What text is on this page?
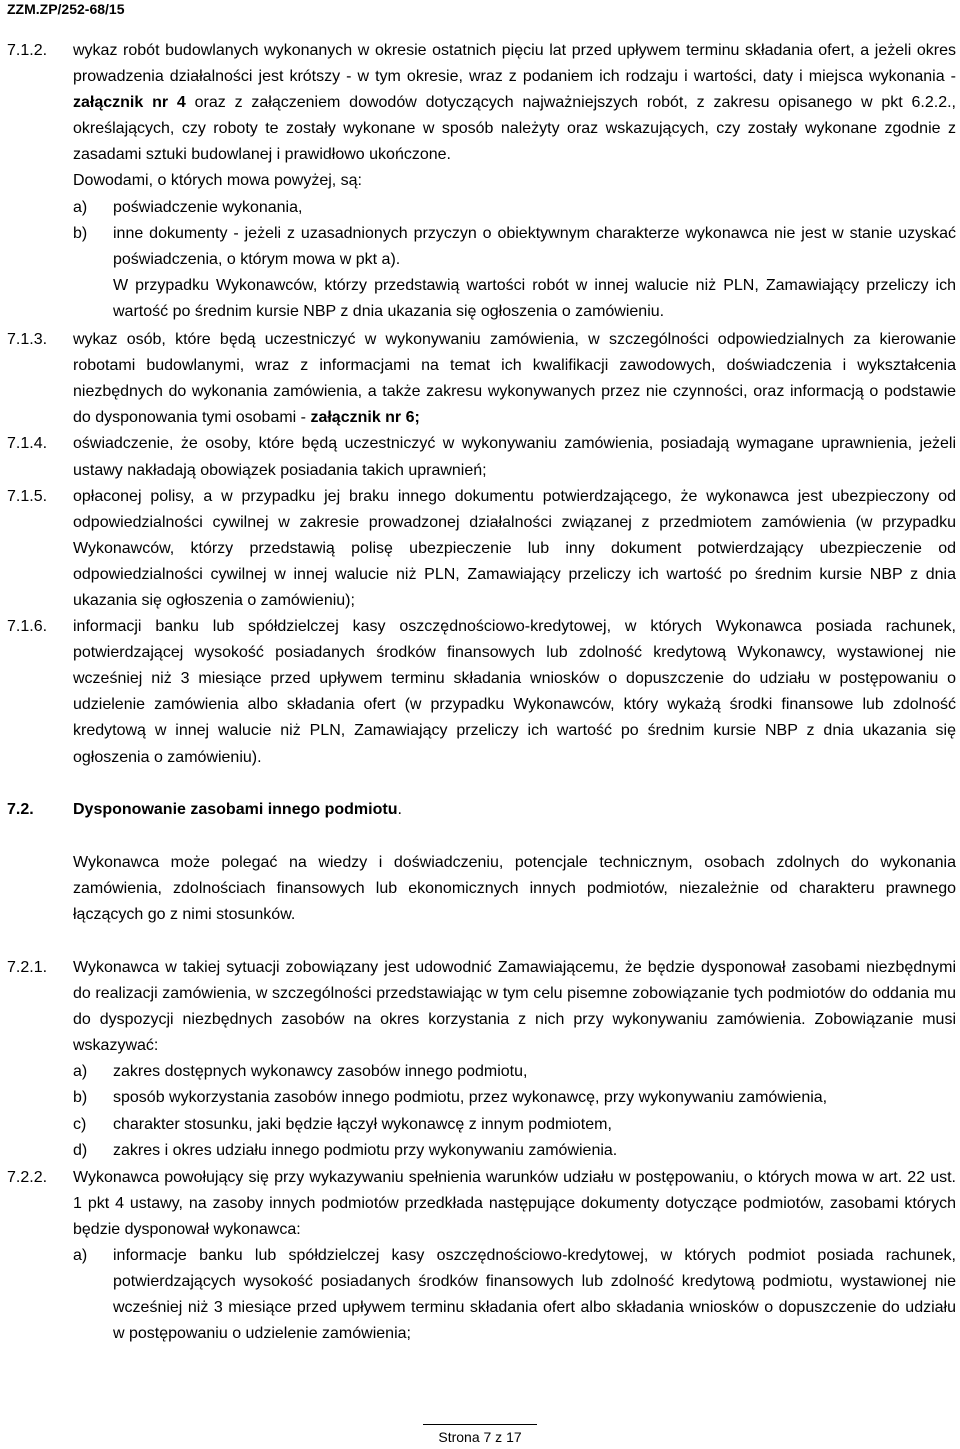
ZZM.ZP/252-68/15
7.1.2. wykaz robót budowlanych wykonanych w okresie ostatnich pięciu lat przed upływem terminu składania ofert, a jeżeli okres prowadzenia działalności jest krótszy - w tym okresie, wraz z podaniem ich rodzaju i wartości, daty i miejsca wykonania - załącznik nr 4 oraz z załączeniem dowodów dotyczących najważniejszych robót, z zakresu opisanego w pkt 6.2.2., określających, czy roboty te zostały wykonane w sposób należyty oraz wskazujących, czy zostały wykonane zgodnie z zasadami sztuki budowlanej i prawidłowo ukończone.
Dowodami, o których mowa powyżej, są:
a) poświadczenie wykonania,
b) inne dokumenty - jeżeli z uzasadnionych przyczyn o obiektywnym charakterze wykonawca nie jest w stanie uzyskać poświadczenia, o którym mowa w pkt a).
W przypadku Wykonawców, którzy przedstawią wartości robót w innej walucie niż PLN, Zamawiający przeliczy ich wartość po średnim kursie NBP z dnia ukazania się ogłoszenia o zamówieniu.
7.1.3. wykaz osób, które będą uczestniczyć w wykonywaniu zamówienia, w szczególności odpowiedzialnych za kierowanie robotami budowlanymi, wraz z informacjami na temat ich kwalifikacji zawodowych, doświadczenia i wykształcenia niezbędnych do wykonania zamówienia, a także zakresu wykonywanych przez nie czynności, oraz informacją o podstawie do dysponowania tymi osobami - załącznik nr 6;
7.1.4. oświadczenie, że osoby, które będą uczestniczyć w wykonywaniu zamówienia, posiadają wymagane uprawnienia, jeżeli ustawy nakładają obowiązek posiadania takich uprawnień;
7.1.5. opłaconej polisy, a w przypadku jej braku innego dokumentu potwierdzającego, że wykonawca jest ubezpieczony od odpowiedzialności cywilnej w zakresie prowadzonej działalności związanej z przedmiotem zamówienia (w przypadku Wykonawców, którzy przedstawią polisę ubezpieczenie lub inny dokument potwierdzający ubezpieczenie od odpowiedzialności cywilnej w innej walucie niż PLN, Zamawiający przeliczy ich wartość po średnim kursie NBP z dnia ukazania się ogłoszenia o zamówieniu);
7.1.6. informacji banku lub spółdzielczej kasy oszczędnościowo-kredytowej, w których Wykonawca posiada rachunek, potwierdzającej wysokość posiadanych środków finansowych lub zdolność kredytową Wykonawcy, wystawionej nie wcześniej niż 3 miesiące przed upływem terminu składania wniosków o dopuszczenie do udziału w postępowaniu o udzielenie zamówienia albo składania ofert (w przypadku Wykonawców, który wykażą środki finansowe lub zdolność kredytową w innej walucie niż PLN, Zamawiający przeliczy ich wartość po średnim kursie NBP z dnia ukazania się ogłoszenia o zamówieniu).
7.2. Dysponowanie zasobami innego podmiotu.
Wykonawca może polegać na wiedzy i doświadczeniu, potencjale technicznym, osobach zdolnych do wykonania zamówienia, zdolnościach finansowych lub ekonomicznych innych podmiotów, niezależnie od charakteru prawnego łączących go z nimi stosunków.
7.2.1. Wykonawca w takiej sytuacji zobowiązany jest udowodnić Zamawiającemu, że będzie dysponował zasobami niezbędnymi do realizacji zamówienia, w szczególności przedstawiając w tym celu pisemne zobowiązanie tych podmiotów do oddania mu do dyspozycji niezbędnych zasobów na okres korzystania z nich przy wykonywaniu zamówienia. Zobowiązanie musi wskazywać:
a) zakres dostępnych wykonawcy zasobów innego podmiotu,
b) sposób wykorzystania zasobów innego podmiotu, przez wykonawcę, przy wykonywaniu zamówienia,
c) charakter stosunku, jaki będzie łączył wykonawcę z innym podmiotem,
d) zakres i okres udziału innego podmiotu przy wykonywaniu zamówienia.
7.2.2. Wykonawca powołujący się przy wykazywaniu spełnienia warunków udziału w postępowaniu, o których mowa w art. 22 ust. 1 pkt 4 ustawy, na zasoby innych podmiotów przedkłada następujące dokumenty dotyczące podmiotów, zasobami których będzie dysponował wykonawca:
a) informacje banku lub spółdzielczej kasy oszczędnościowo-kredytowej, w których podmiot posiada rachunek, potwierdzających wysokość posiadanych środków finansowych lub zdolność kredytową podmiotu, wystawionej nie wcześniej niż 3 miesiące przed upływem terminu składania ofert albo składania wniosków o dopuszczenie do udziału w postępowaniu o udzielenie zamówienia;
Strona 7 z 17
